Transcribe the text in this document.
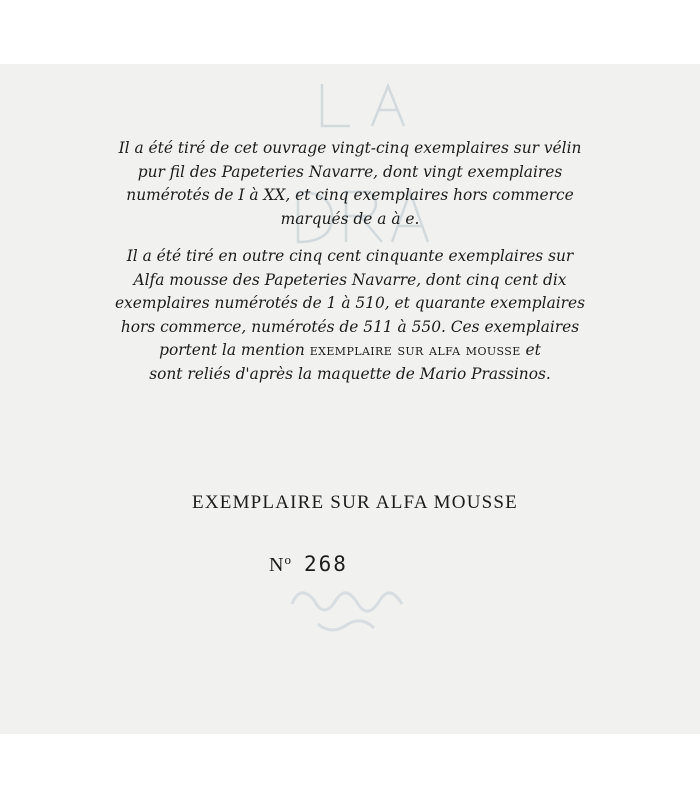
Il a été tiré de cet ouvrage vingt-cinq exemplaires sur vélin
pur fil des Papeteries Navarre, dont vingt exemplaires
numérotés de I à XX, et cinq exemplaires hors commerce
marqués de a à e.

Il a été tiré en outre cinq cent cinquante exemplaires sur
Alfa mousse des Papeteries Navarre, dont cinq cent dix
exemplaires numérotés de 1 à 510, et quarante exemplaires
hors commerce, numérotés de 511 à 550. Ces exemplaires
portent la mention exemplaire sur alfa mousse et
sont reliés d'après la maquette de Mario Prassinos.

EXEMPLAIRE SUR ALFA MOUSSE
$N^o$ 268
